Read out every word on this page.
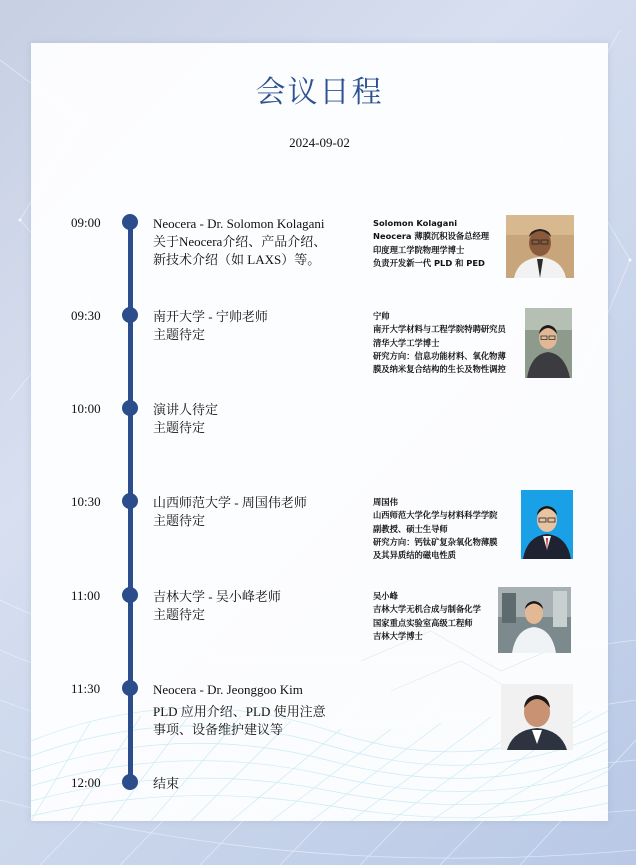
会议日程
2024-09-02
09:00	Neocera - Dr. Solomon Kolagani
关于Neocera介绍、产品介绍、
新技术介绍（如 LAXS）等。
Solomon Kolagani
Neocera 薄膜沉积设备总经理
印度理工学院物理学博士
负责开发新一代 PLD 和 PED
09:30	南开大学 - 宁帅老师
主题待定
宁帅
南开大学材料与工程学院特聘研究员
清华大学工学博士
研究方向：信息功能材料、氧化物薄
膜及纳米复合结构的生长及物性调控
10:00	演讲人待定
主题待定
10:30	山西师范大学 - 周国伟老师
主题待定
周国伟
山西师范大学化学与材料科学学院
副教授、硕士生导师
研究方向：钙钛矿复杂氧化物薄膜
及其异质结的磁电性质
11:00	吉林大学 - 吴小峰老师
主题待定
吴小峰
吉林大学无机合成与制备化学
国家重点实验室高级工程师
吉林大学博士
11:30	Neocera - Dr. Jeonggoo Kim
PLD 应用介绍、PLD 使用注意
事项、设备维护建议等
12:00	结束
